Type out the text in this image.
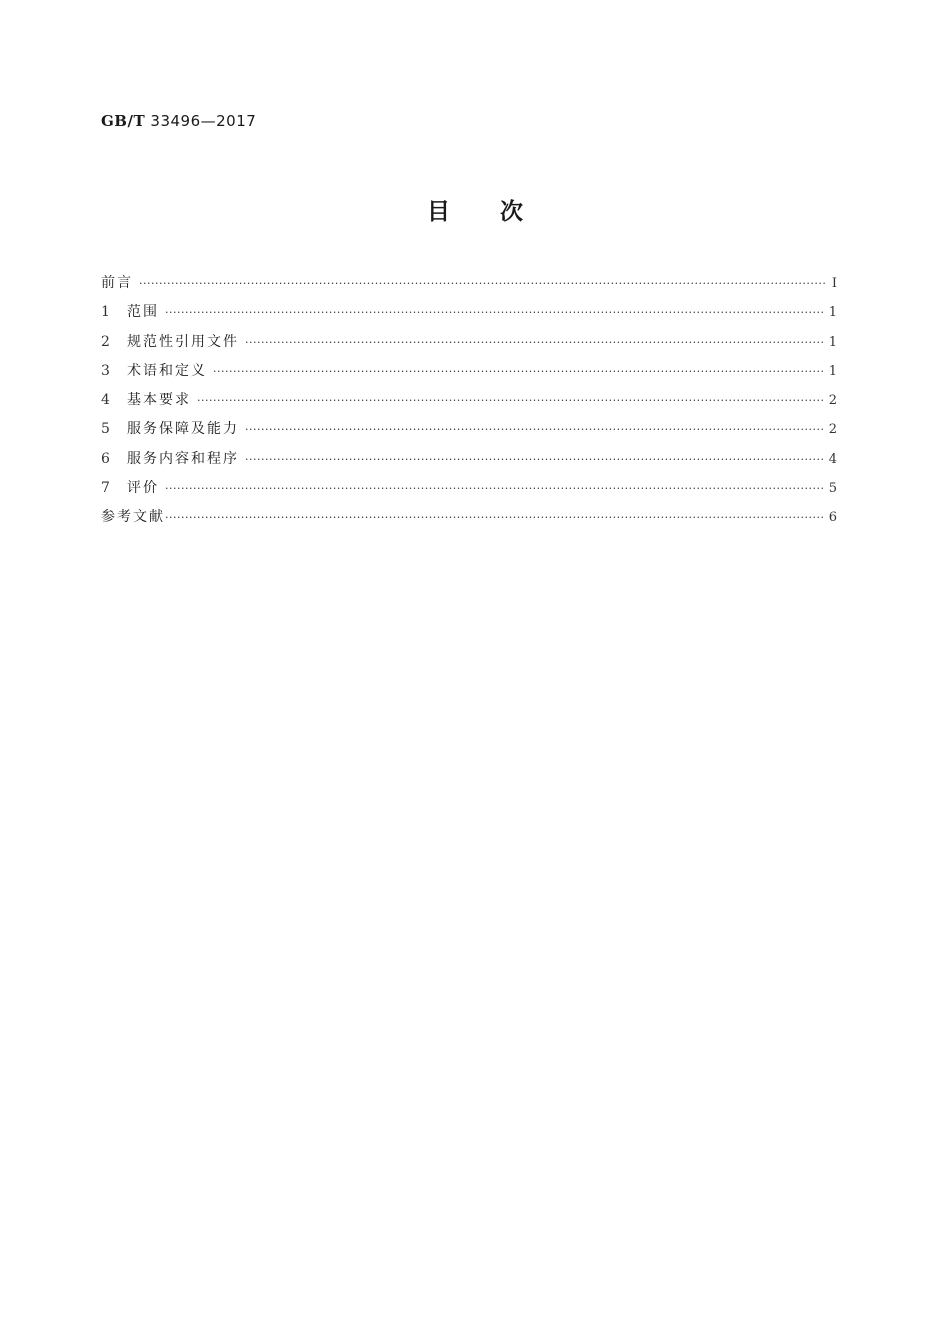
GB/T 33496—2017
目 次
前言 ·····	Ⅰ
1	范围 ·····	1
2	规范性引用文件 ·····	1
3	术语和定义 ·····	1
4	基本要求 ·····	2
5	服务保障及能力 ·····	2
6	服务内容和程序 ·····	4
7	评价 ·····	5
参考文献 ·····	6
